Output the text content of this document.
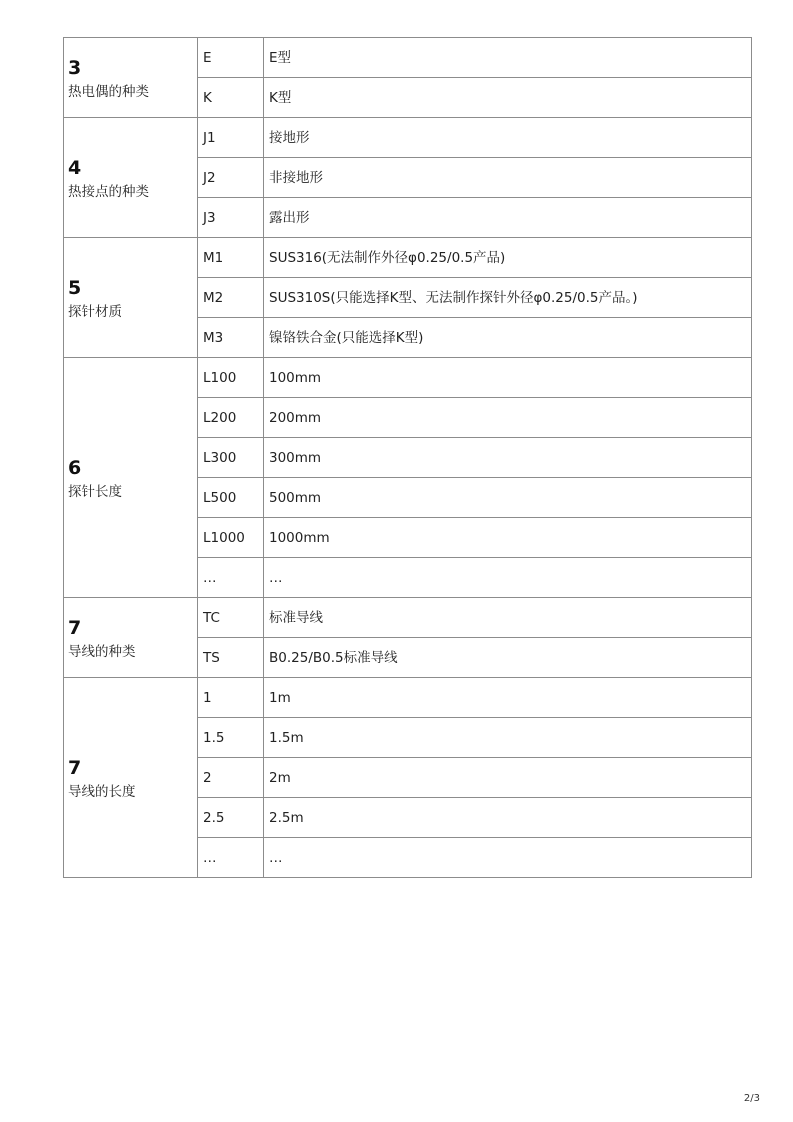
3
热电偶的种类	E	E型
	K	K型

4
热接点的种类	J1	接地形
	J2	非接地形
	J3	露出形

5
探针材质	M1	SUS316(无法制作外径φ0.25/0.5产品)
	M2	SUS310S(只能选择K型、无法制作探针外径φ0.25/0.5产品。)
	M3	镍铬铁合金(只能选择K型)

6
探针长度	L100	100mm
	L200	200mm
	L300	300mm
	L500	500mm
	L1000	1000mm
	…	…

7
导线的种类	TC	标准导线
	TS	B0.25/B0.5标准导线

7
导线的长度	1	1m
	1.5	1.5m
	2	2m
	2.5	2.5m
	…	…
2/3
